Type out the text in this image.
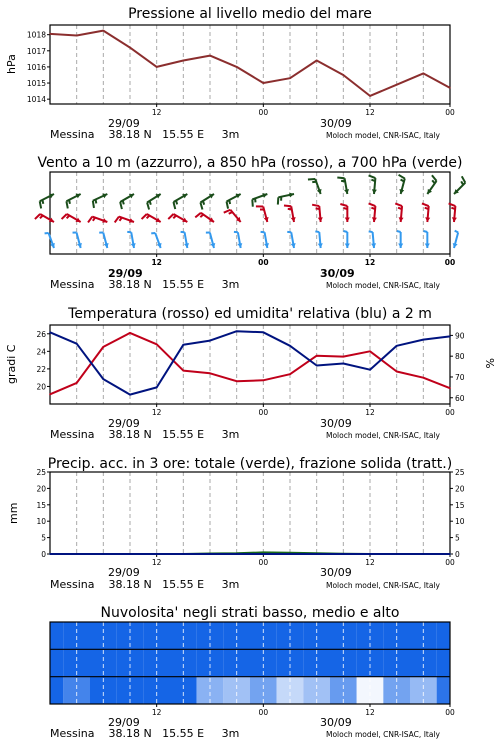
Pressione al livello medio del mare
hPa
12	00	12	00
1014
1015
1016
1017
1018
29/09	30/09
Messina    38.18 N   15.55 E     3m	Moloch model, CNR-ISAC, Italy
Vento a 10 m (azzurro), a 850 hPa (rosso), a 700 hPa (verde)
12	00	12	00
29/09	30/09
Messina    38.18 N   15.55 E     3m	Moloch model, CNR-ISAC, Italy
Temperatura (rosso) ed umidita' relativa (blu) a 2 m
gradi C	%
12	00	12	00
20
22
24
26
60
70
80
90
29/09	30/09
Messina    38.18 N   15.55 E     3m	Moloch model, CNR-ISAC, Italy
Precip. acc. in 3 ore: totale (verde), frazione solida (tratt.)
mm
12	00	12	00
0
5
10
15
20
25
0
5
10
15
20
25
29/09	30/09
Messina    38.18 N   15.55 E     3m	Moloch model, CNR-ISAC, Italy
Nuvolosita' negli strati basso, medio e alto
12	00	12	00
29/09	30/09
Messina    38.18 N   15.55 E     3m	Moloch model, CNR-ISAC, Italy
